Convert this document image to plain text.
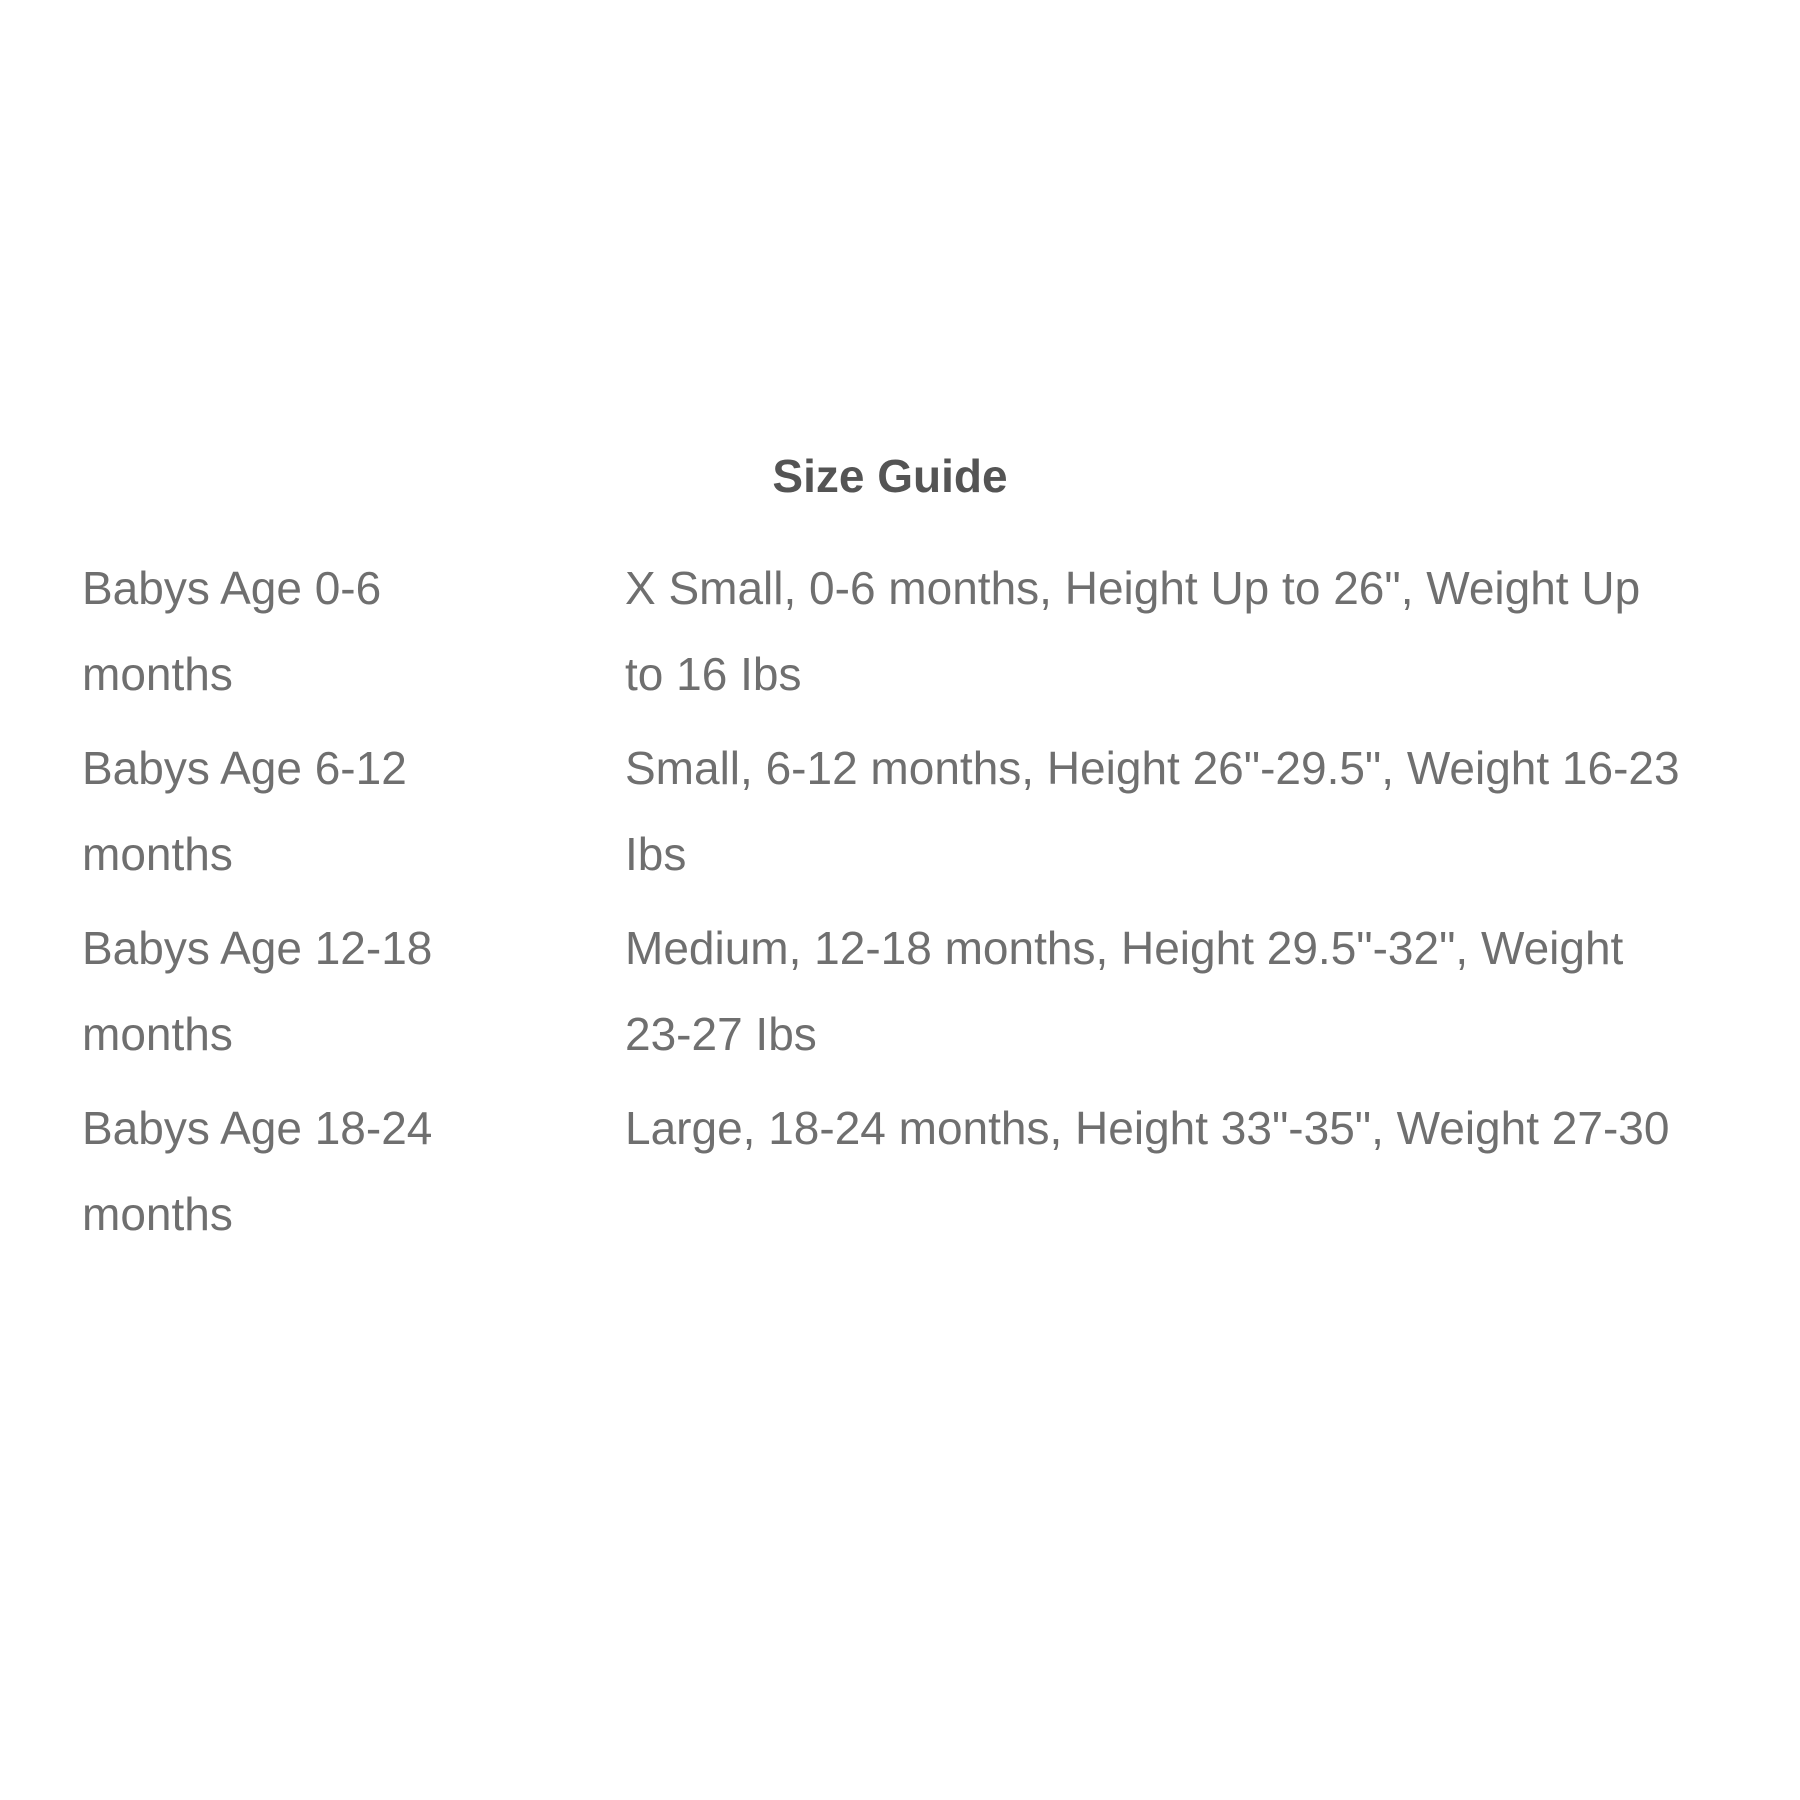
Size Guide
Babys Age 0-6 months
X Small, 0-6 months, Height Up to 26", Weight Up to 16 Ibs
Babys Age 6-12 months
Small, 6-12 months, Height 26"-29.5", Weight 16-23 Ibs
Babys Age 12-18 months
Medium, 12-18 months, Height 29.5"-32", Weight 23-27 Ibs
Babys Age 18-24 months
Large, 18-24 months, Height 33"-35", Weight 27-30
